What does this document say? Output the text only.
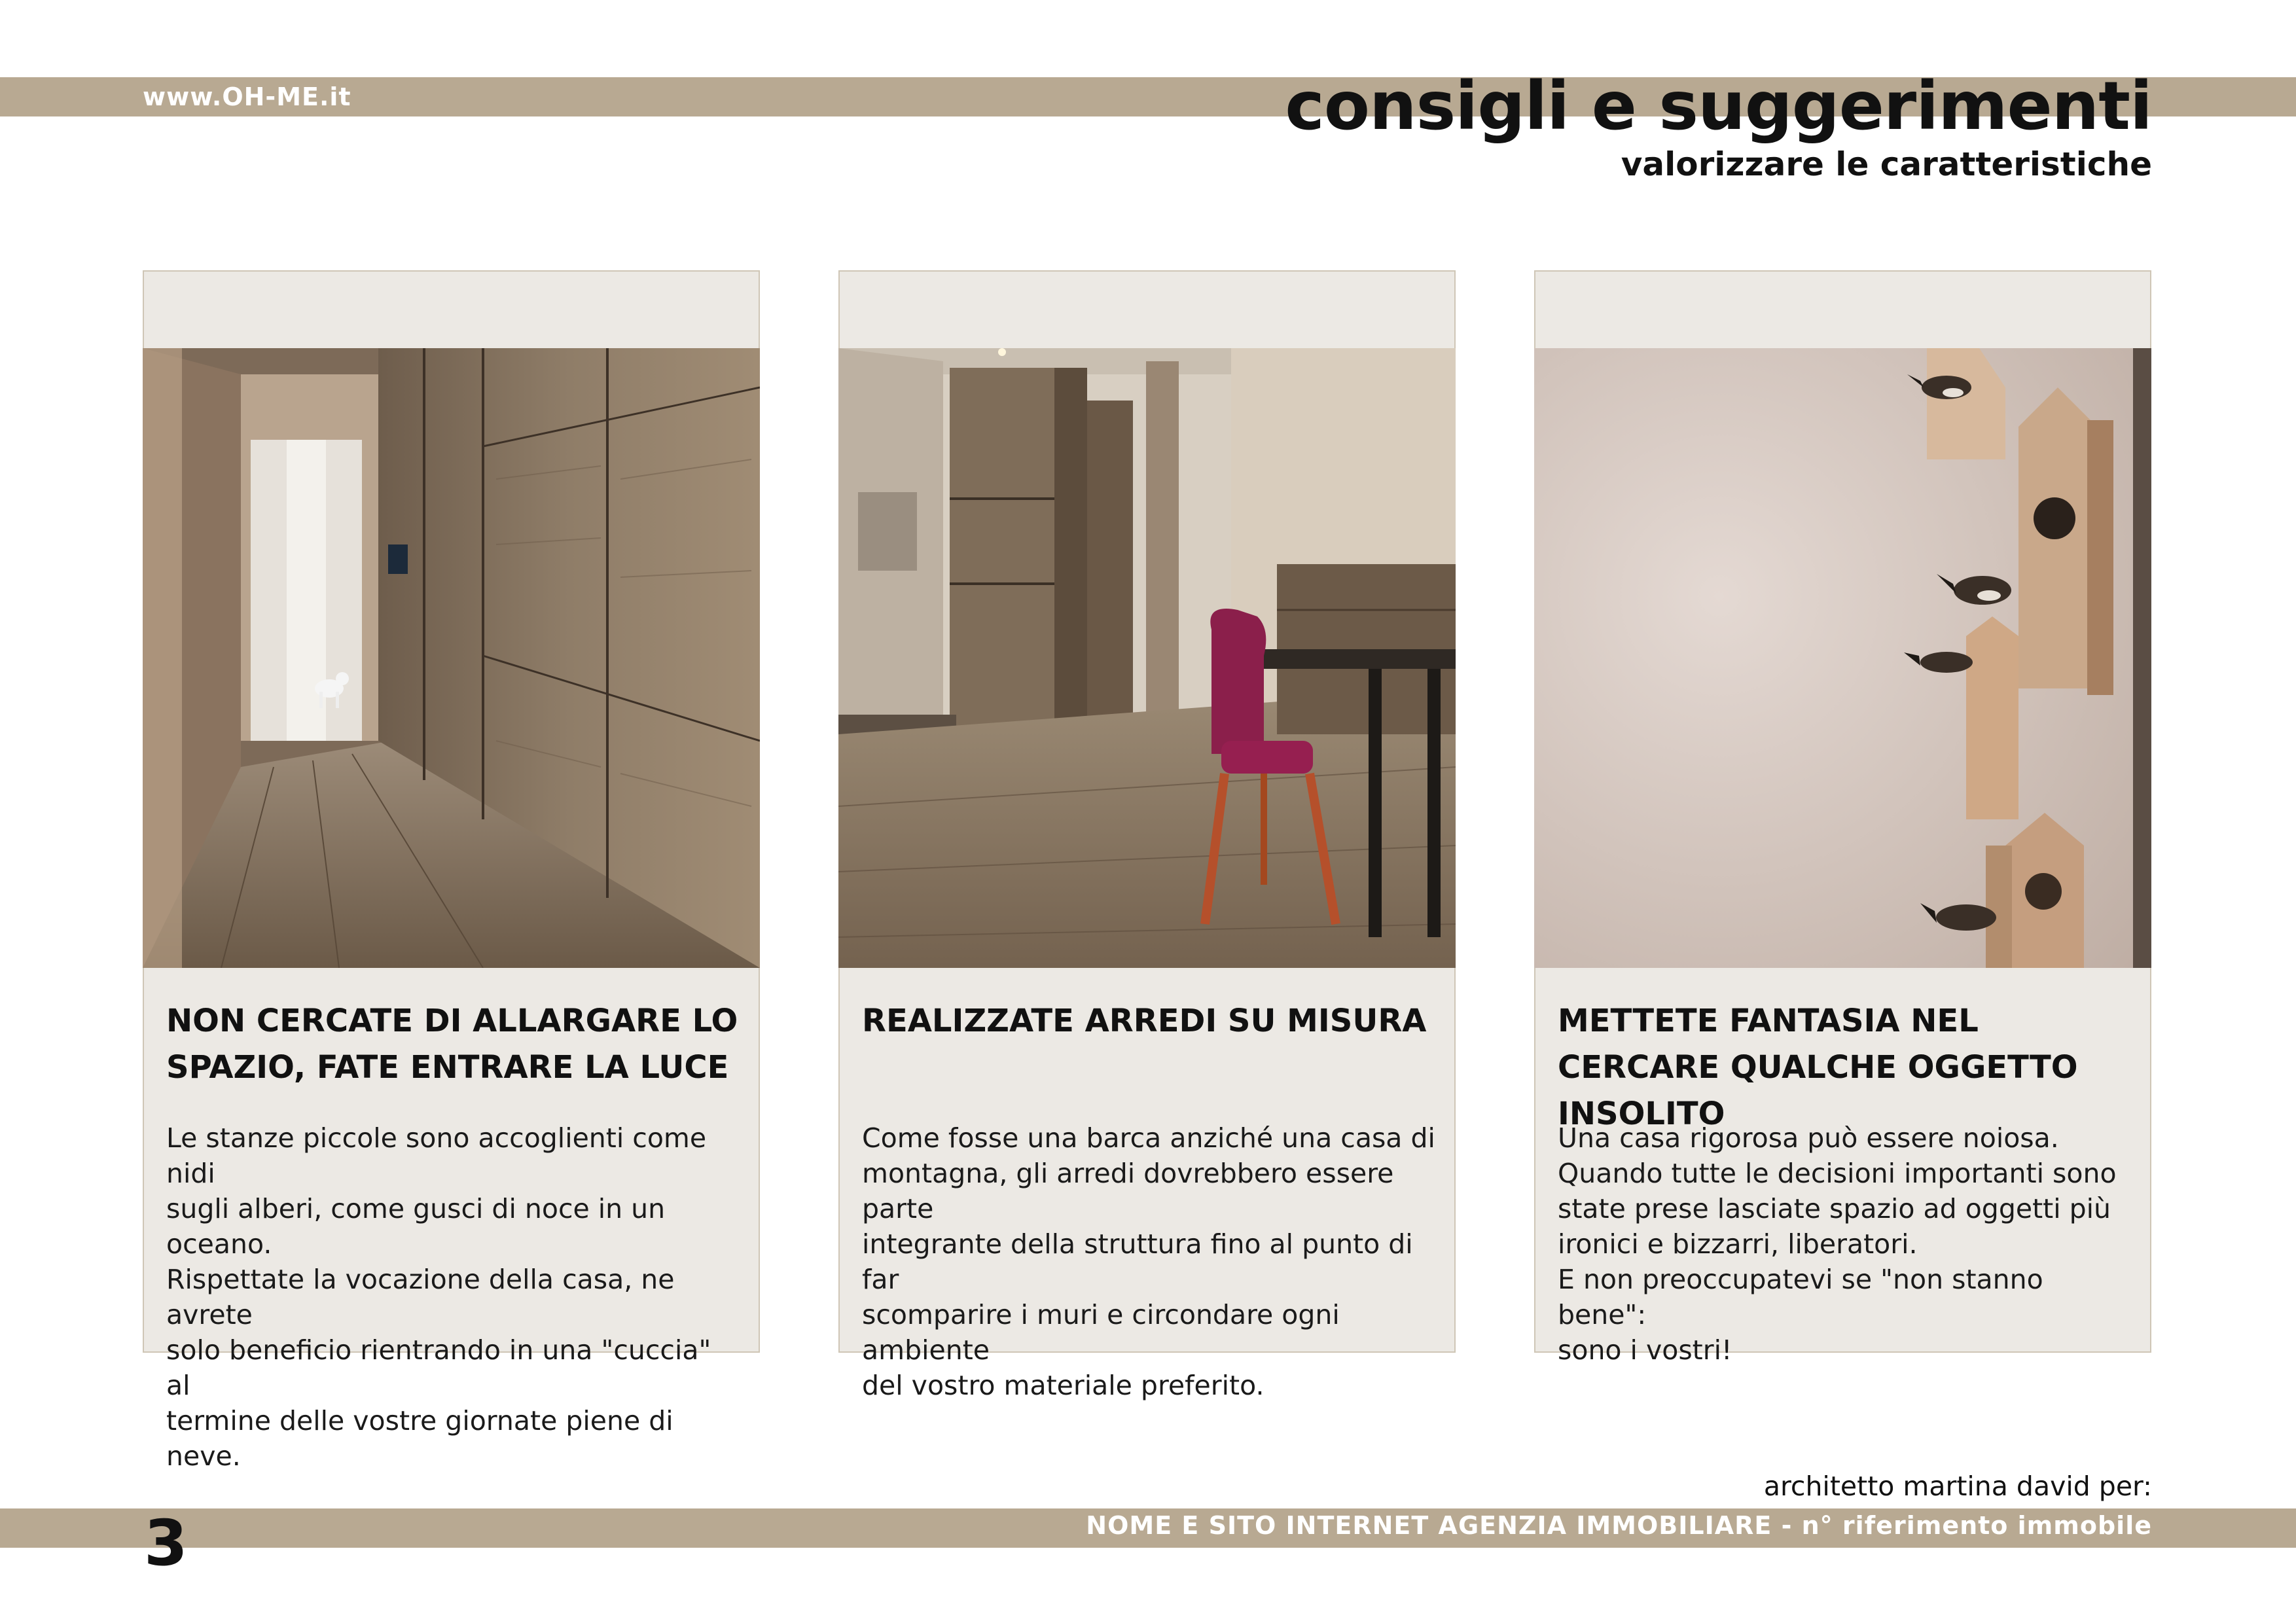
www.OH-ME.it	consigli e suggerimenti
valorizzare le caratteristiche
NON CERCATE DI ALLARGARE LO SPAZIO, FATE ENTRARE LA LUCE
Le stanze piccole sono accoglienti come nidi
sugli alberi, come gusci di noce in un oceano.
Rispettate la vocazione della casa, ne avrete
solo beneficio rientrando in una "cuccia" al
termine delle vostre giornate piene di neve.
REALIZZATE ARREDI SU MISURA
Come fosse una barca anziché una casa di
montagna, gli arredi dovrebbero essere parte
integrante della struttura fino al punto di far
scomparire i muri e circondare ogni ambiente
del vostro materiale preferito.
METTETE FANTASIA NEL CERCARE QUALCHE OGGETTO INSOLITO
Una casa rigorosa può essere noiosa.
Quando tutte le decisioni importanti sono
state prese lasciate spazio ad oggetti più
ironici e bizzarri, liberatori.
E non preoccupatevi se "non stanno bene":
sono i vostri!
architetto martina david per:
NOME E SITO INTERNET AGENZIA IMMOBILIARE - n° riferimento immobile
3
